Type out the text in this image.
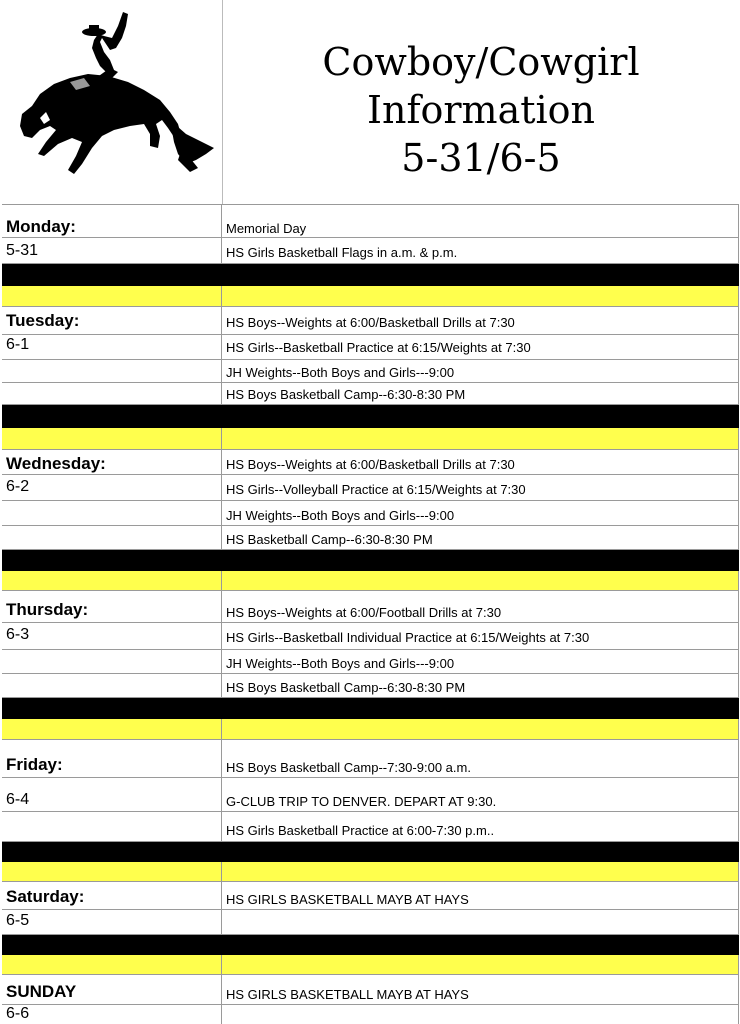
Cowboy/Cowgirl
Information
5-31/6-5
Monday:	Memorial Day
5-31	HS Girls Basketball Flags in a.m. & p.m.
Tuesday:	HS Boys--Weights at 6:00/Basketball Drills at 7:30
6-1	HS Girls--Basketball Practice at 6:15/Weights at 7:30
JH Weights--Both Boys and Girls---9:00
HS Boys Basketball Camp--6:30-8:30 PM
Wednesday:	HS Boys--Weights at 6:00/Basketball Drills at 7:30
6-2	HS Girls--Volleyball Practice at 6:15/Weights at 7:30
JH Weights--Both Boys and Girls---9:00
HS Basketball Camp--6:30-8:30 PM
Thursday:	HS Boys--Weights at 6:00/Football Drills at 7:30
6-3	HS Girls--Basketball Individual Practice at 6:15/Weights at 7:30
JH Weights--Both Boys and Girls---9:00
HS Boys Basketball Camp--6:30-8:30 PM
Friday:	HS Boys Basketball Camp--7:30-9:00 a.m.
6-4	G-CLUB TRIP TO DENVER. DEPART AT 9:30.
HS Girls Basketball Practice at 6:00-7:30 p.m..
Saturday:	HS GIRLS BASKETBALL MAYB AT HAYS
6-5
SUNDAY	HS GIRLS BASKETBALL MAYB AT HAYS
6-6
